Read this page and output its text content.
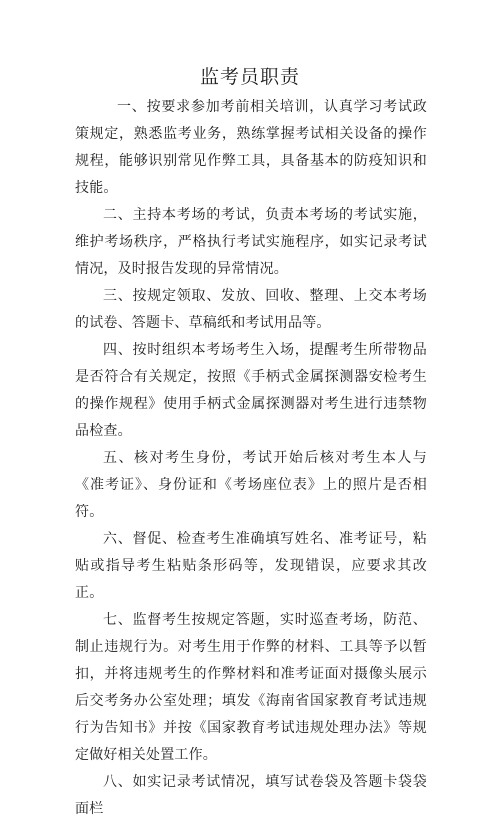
监考员职责

一、按要求参加考前相关培训，认真学习考试政策规定，熟悉监考业务，熟练掌握考试相关设备的操作规程，能够识别常见作弊工具，具备基本的防疫知识和技能。

二、主持本考场的考试，负责本考场的考试实施，维护考场秩序，严格执行考试实施程序，如实记录考试情况，及时报告发现的异常情况。

三、按规定领取、发放、回收、整理、上交本考场的试卷、答题卡、草稿纸和考试用品等。

四、按时组织本考场考生入场，提醒考生所带物品是否符合有关规定，按照《手柄式金属探测器安检考生的操作规程》使用手柄式金属探测器对考生进行违禁物品检查。

五、核对考生身份，考试开始后核对考生本人与《准考证》、身份证和《考场座位表》上的照片是否相符。

六、督促、检查考生准确填写姓名、准考证号，粘贴或指导考生粘贴条形码等，发现错误，应要求其改正。

七、监督考生按规定答题，实时巡查考场，防范、制止违规行为。对考生用于作弊的材料、工具等予以暂扣，并将违规考生的作弊材料和准考证面对摄像头展示后交考务办公室处理；填发《海南省国家教育考试违规行为告知书》并按《国家教育考试违规处理办法》等规定做好相关处置工作。

八、如实记录考试情况，填写试卷袋及答题卡袋袋面栏
